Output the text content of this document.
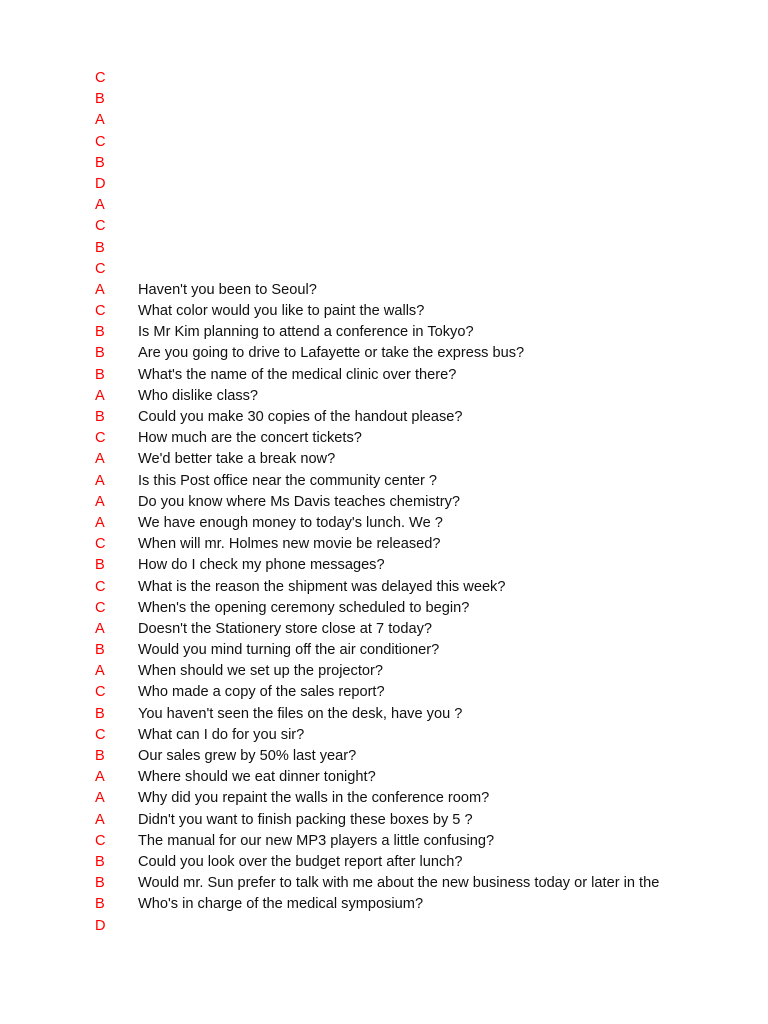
C
B
A
C
B
D
A
C
B
C
A Haven't you been to Seoul?
C What color would you like to paint the walls?
B Is Mr Kim planning to attend a conference in Tokyo?
B Are you going to drive to Lafayette or take the express bus?
B What's the name of the medical clinic over there?
A Who dislike class?
B Could you make 30 copies of the handout please?
C How much are the concert tickets?
A We'd better take a break now?
A Is this Post office near the community center ?
A Do you know where Ms Davis teaches chemistry?
A We have enough money to today's lunch. We ?
C When will mr. Holmes new movie be released?
B How do I check my phone messages?
C What is the reason the shipment was delayed this week?
C When's the opening ceremony scheduled to begin?
A Doesn't the Stationery store close at 7 today?
B Would you mind turning off the air conditioner?
A When should we set up the projector?
C Who made a copy of the sales report?
B You haven't seen the files on the desk, have you ?
C What can I do for you sir?
B Our sales grew by 50% last year?
A Where should we eat dinner tonight?
A Why did you repaint the walls in the conference room?
A Didn't you want to finish packing these boxes by 5 ?
C The manual for our new MP3 players a little confusing?
B Could you look over the budget report after lunch?
B Would mr. Sun prefer to talk with me about the new business today or later in the
B Who's in charge of the medical symposium?
D
